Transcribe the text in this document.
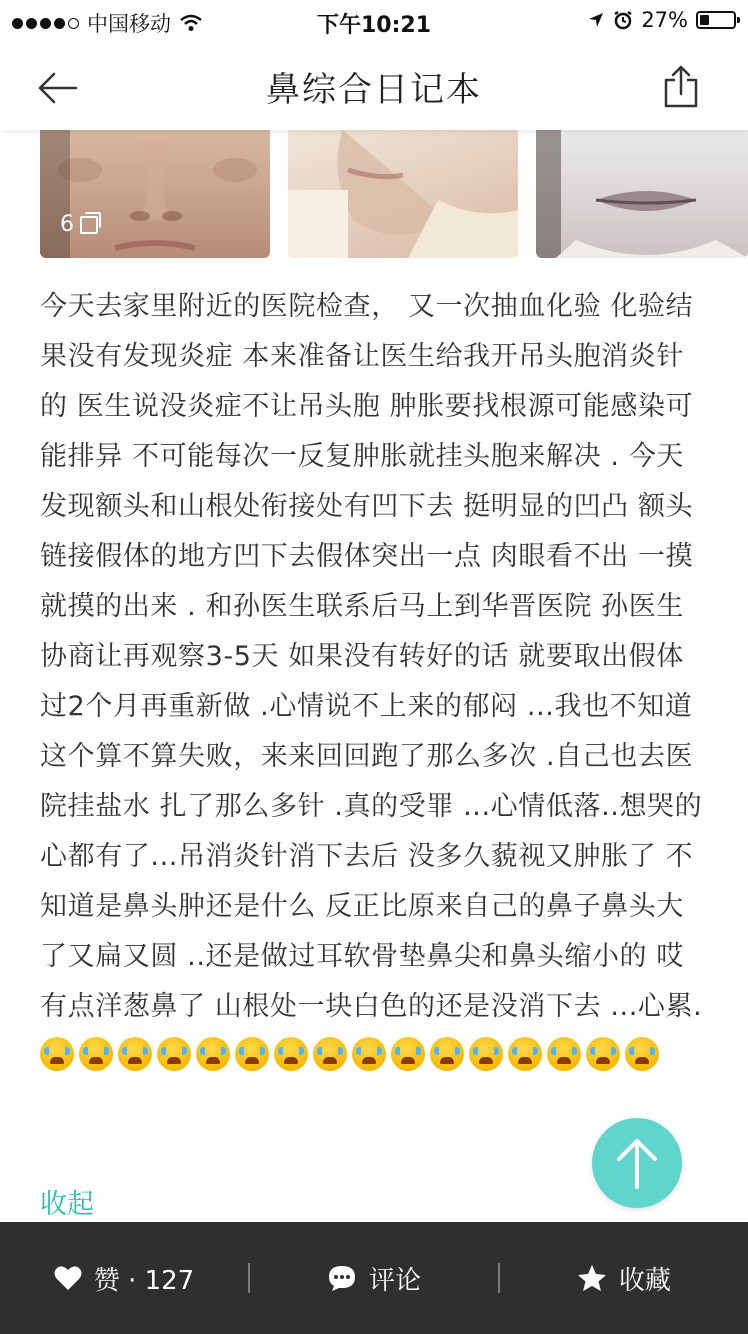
中国移动	下午10:21	27%
鼻综合日记本
6
今天去家里附近的医院检查， 又一次抽血化验 化验结果没有发现炎症 本来准备让医生给我开吊头胞消炎针的 医生说没炎症不让吊头胞 肿胀要找根源可能感染可能排异 不可能每次一反复肿胀就挂头胞来解决 . 今天发现额头和山根处衔接处有凹下去 挺明显的凹凸 额头链接假体的地方凹下去假体突出一点 肉眼看不出 一摸就摸的出来 . 和孙医生联系后马上到华晋医院 孙医生协商让再观察3-5天 如果没有转好的话 就要取出假体 过2个月再重新做 .心情说不上来的郁闷 ...我也不知道这个算不算失败，来来回回跑了那么多次 .自己也去医院挂盐水 扎了那么多针 .真的受罪 ...心情低落..想哭的心都有了...吊消炎针消下去后 没多久藐视又肿胀了 不知道是鼻头肿还是什么 反正比原来自己的鼻子鼻头大了又扁又圆 ..还是做过耳软骨垫鼻尖和鼻头缩小的 哎有点洋葱鼻了 山根处一块白色的还是没消下去 ...心累.
收起
赞 · 127	评论	收藏
